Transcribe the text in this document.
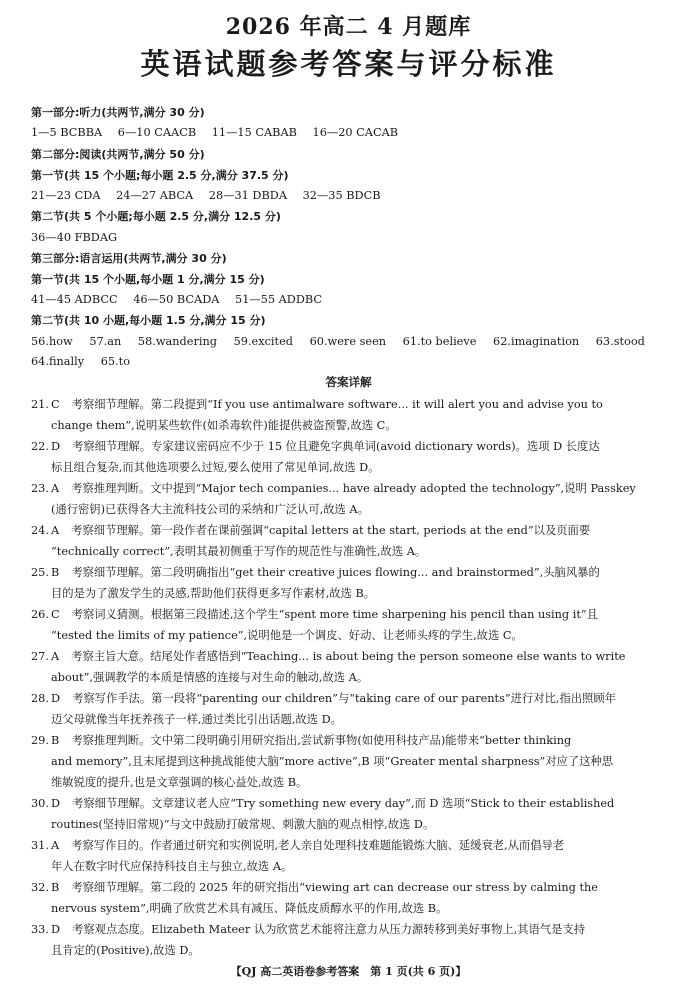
2026 年高二 4 月题库
英语试题参考答案与评分标准
第一部分:听力(共两节,满分 30 分)
1—5 BCBBA 6—10 CAACB 11—15 CABAB 16—20 CACAB
第二部分:阅读(共两节,满分 50 分)
第一节(共 15 个小题;每小题 2.5 分,满分 37.5 分)
21—23 CDA 24—27 ABCA 28—31 DBDA 32—35 BDCB
第二节(共 5 个小题;每小题 2.5 分,满分 12.5 分)
36—40 FBDAG
第三部分:语言运用(共两节,满分 30 分)
第一节(共 15 个小题,每小题 1 分,满分 15 分)
41—45 ADBCC 46—50 BCADA 51—55 ADDBC
第二节(共 10 小题,每小题 1.5 分,满分 15 分)
56.how 57.an 58.wandering 59.excited 60.were seen 61.to believe 62.imagination 63.stood
64.finally 65.to
答案详解
21. C 考察细节理解。第二段提到“If you use antimalware software... it will alert you and advise you to
change them”,说明某些软件(如杀毒软件)能提供被盗预警,故选 C。
22. D 考察细节理解。专家建议密码应不少于 15 位且避免字典单词(avoid dictionary words)。选项 D 长度达
标且组合复杂,而其他选项要么过短,要么使用了常见单词,故选 D。
23. A 考察推理判断。文中提到“Major tech companies... have already adopted the technology”,说明 Passkey
(通行密钥)已获得各大主流科技公司的采纳和广泛认可,故选 A。
24. A 考察细节理解。第一段作者在课前强调“capital letters at the start, periods at the end”以及页面要
“technically correct”,表明其最初侧重于写作的规范性与准确性,故选 A。
25. B 考察细节理解。第二段明确指出“get their creative juices flowing... and brainstormed”,头脑风暴的
目的是为了激发学生的灵感,帮助他们获得更多写作素材,故选 B。
26. C 考察词义猜测。根据第三段描述,这个学生“spent more time sharpening his pencil than using it”且
“tested the limits of my patience”,说明他是一个调皮、好动、让老师头疼的学生,故选 C。
27. A 考察主旨大意。结尾处作者感悟到“Teaching... is about being the person someone else wants to write
about”,强调教学的本质是情感的连接与对生命的触动,故选 A。
28. D 考察写作手法。第一段将“parenting our children”与“taking care of our parents”进行对比,指出照顾年
迈父母就像当年抚养孩子一样,通过类比引出话题,故选 D。
29. B 考察推理判断。文中第二段明确引用研究指出,尝试新事物(如使用科技产品)能带来“better thinking
and memory”,且末尾提到这种挑战能使大脑“more active”,B 项“Greater mental sharpness”对应了这种思
维敏锐度的提升,也是文章强调的核心益处,故选 B。
30. D 考察细节理解。文章建议老人应“Try something new every day”,而 D 选项“Stick to their established
routines(坚持旧常规)”与文中鼓励打破常规、刺激大脑的观点相悖,故选 D。
31. A 考察写作目的。作者通过研究和实例说明,老人亲自处理科技难题能锻炼大脑、延缓衰老,从而倡导老
年人在数字时代应保持科技自主与独立,故选 A。
32. B 考察细节理解。第二段的 2025 年的研究指出“viewing art can decrease our stress by calming the
nervous system”,明确了欣赏艺术具有减压、降低皮质醇水平的作用,故选 B。
33. D 考察观点态度。Elizabeth Mateer 认为欣赏艺术能将注意力从压力源转移到美好事物上,其语气是支持
且肯定的(Positive),故选 D。
【QJ 高二英语卷参考答案　第 1 页(共 6 页)】
